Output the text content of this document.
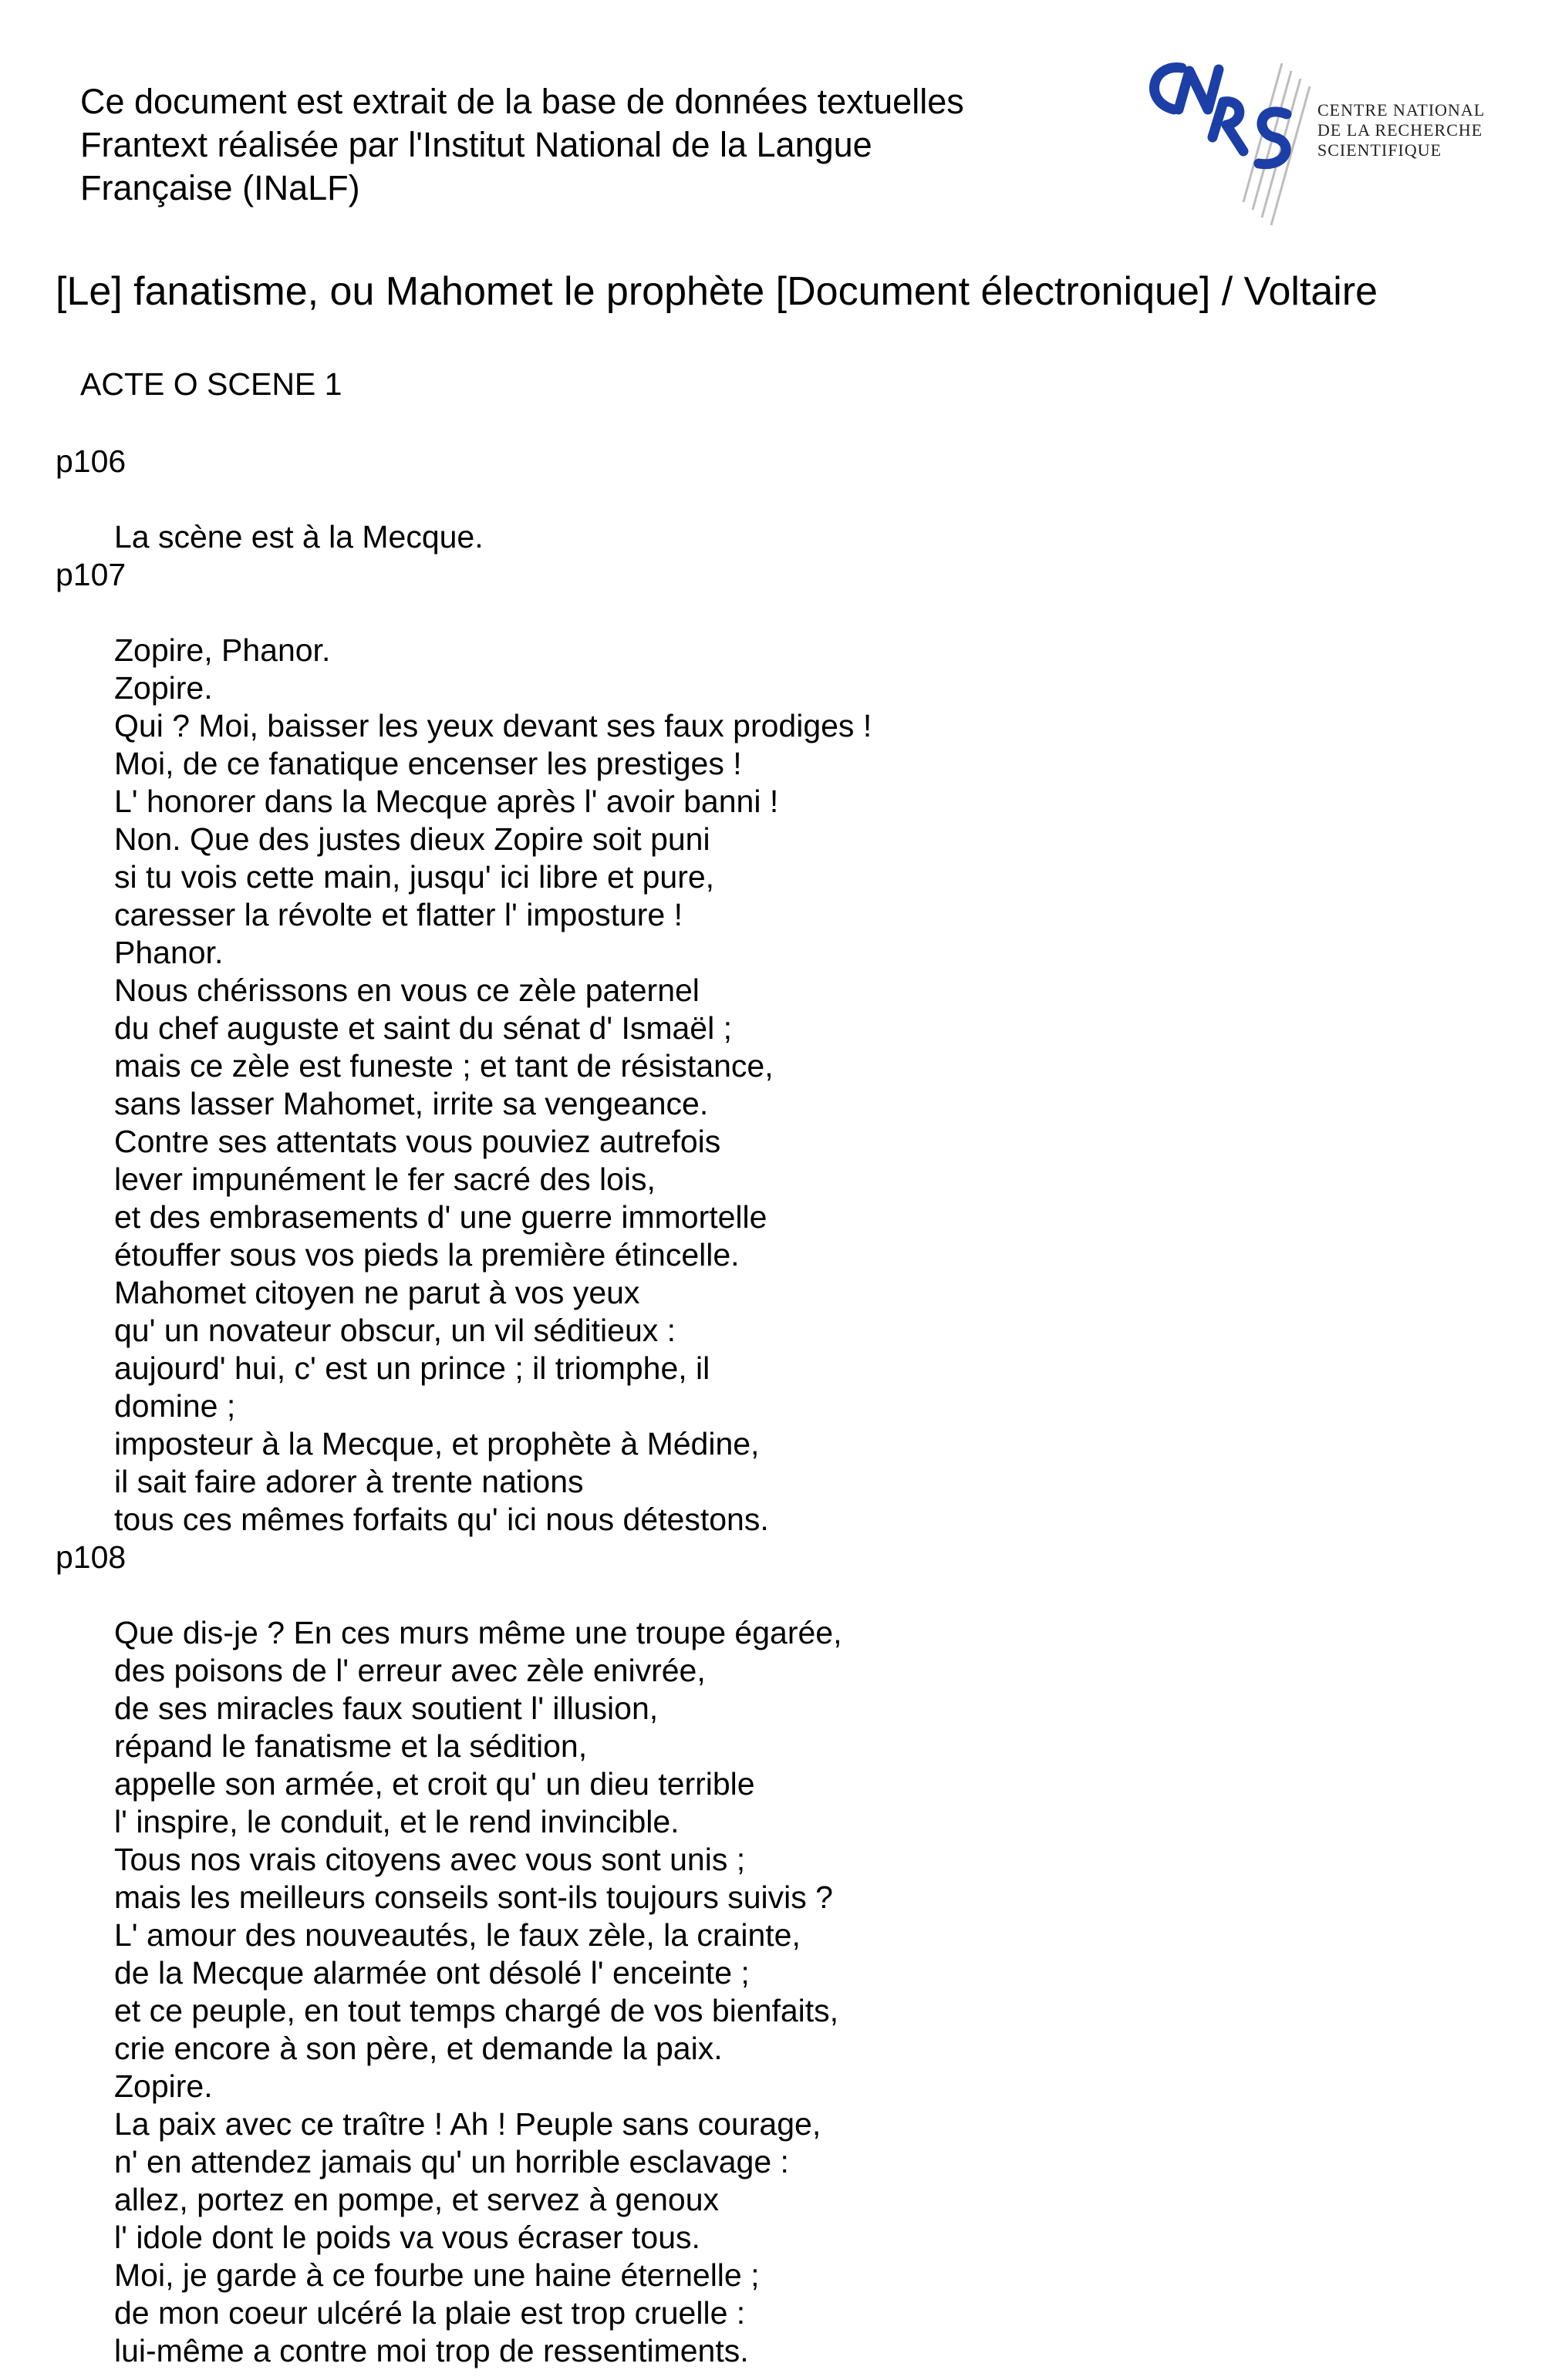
Ce document est extrait de la base de données textuelles
Frantext réalisée par l'Institut National de la Langue
Française (INaLF)
CENTRE NATIONAL
DE LA RECHERCHE
SCIENTIFIQUE
[Le] fanatisme, ou Mahomet le prophète [Document électronique] / Voltaire
ACTE O SCENE 1
p106
La scène est à la Mecque.
p107
Zopire, Phanor.
Zopire.
Qui ? Moi, baisser les yeux devant ses faux prodiges !
Moi, de ce fanatique encenser les prestiges !
L' honorer dans la Mecque après l' avoir banni !
Non. Que des justes dieux Zopire soit puni
si tu vois cette main, jusqu' ici libre et pure,
caresser la révolte et flatter l' imposture !
Phanor.
Nous chérissons en vous ce zèle paternel
du chef auguste et saint du sénat d' Ismaël ;
mais ce zèle est funeste ; et tant de résistance,
sans lasser Mahomet, irrite sa vengeance.
Contre ses attentats vous pouviez autrefois
lever impunément le fer sacré des lois,
et des embrasements d' une guerre immortelle
étouffer sous vos pieds la première étincelle.
Mahomet citoyen ne parut à vos yeux
qu' un novateur obscur, un vil séditieux :
aujourd' hui, c' est un prince ; il triomphe, il
domine ;
imposteur à la Mecque, et prophète à Médine,
il sait faire adorer à trente nations
tous ces mêmes forfaits qu' ici nous détestons.
p108
Que dis-je ? En ces murs même une troupe égarée,
des poisons de l' erreur avec zèle enivrée,
de ses miracles faux soutient l' illusion,
répand le fanatisme et la sédition,
appelle son armée, et croit qu' un dieu terrible
l' inspire, le conduit, et le rend invincible.
Tous nos vrais citoyens avec vous sont unis ;
mais les meilleurs conseils sont-ils toujours suivis ?
L' amour des nouveautés, le faux zèle, la crainte,
de la Mecque alarmée ont désolé l' enceinte ;
et ce peuple, en tout temps chargé de vos bienfaits,
crie encore à son père, et demande la paix.
Zopire.
La paix avec ce traître ! Ah ! Peuple sans courage,
n' en attendez jamais qu' un horrible esclavage :
allez, portez en pompe, et servez à genoux
l' idole dont le poids va vous écraser tous.
Moi, je garde à ce fourbe une haine éternelle ;
de mon coeur ulcéré la plaie est trop cruelle :
lui-même a contre moi trop de ressentiments.
